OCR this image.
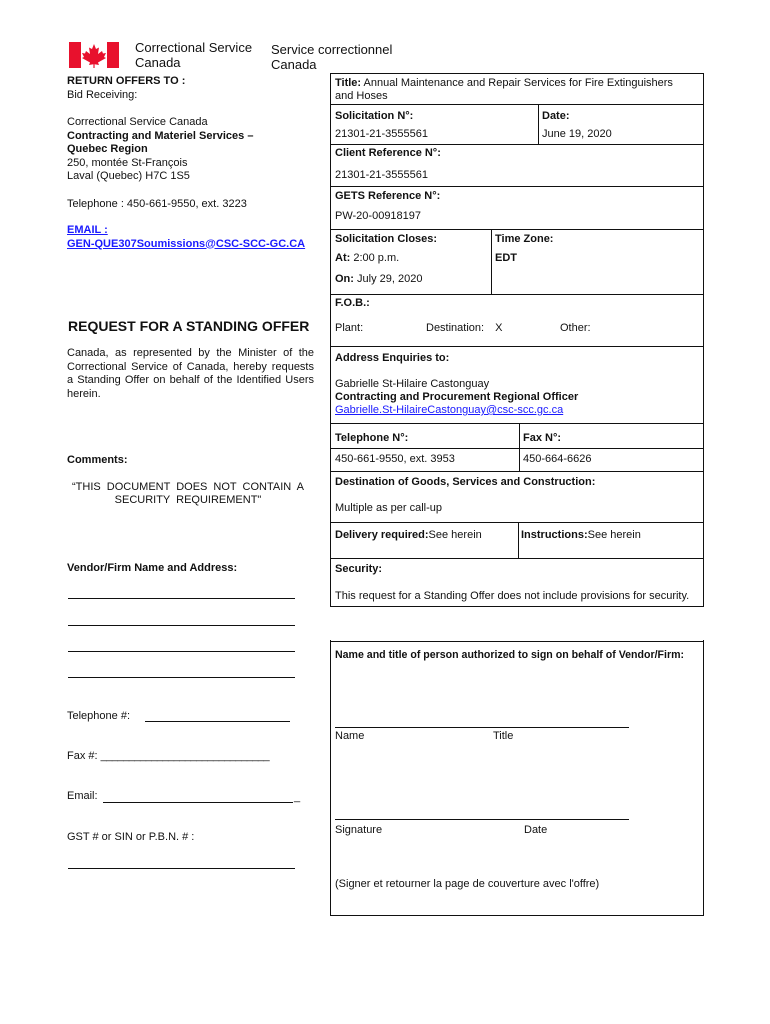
Correctional Service
Canada
Service correctionnel
Canada
RETURN OFFERS TO :
Bid Receiving:
Correctional Service Canada
Contracting and Materiel Services –
Quebec Region
250, montée St-François
Laval (Quebec) H7C 1S5
Telephone : 450-661-9550, ext. 3223
EMAIL :
GEN-QUE307Soumissions@CSC-SCC-GC.CA
REQUEST FOR A STANDING OFFER
Canada, as represented by the Minister of the Correctional Service of Canada, hereby requests a Standing Offer on behalf of the Identified Users herein.
Comments:
“THIS DOCUMENT DOES NOT CONTAIN A
SECURITY REQUIREMENT"
Vendor/Firm Name and Address:
Telephone #:
Fax #: ______________________________
Email:	_
GST # or SIN or P.B.N. # :
Title: Annual Maintenance and Repair Services for Fire Extinguishers
and Hoses
Solicitation N°:
21301-21-3555561
Date:
June 19, 2020
Client Reference N°:
21301-21-3555561
GETS Reference N°:
PW-20-00918197
Solicitation Closes:
At: 2:00 p.m.
On: July 29, 2020
Time Zone:
EDT
F.O.B.:
Plant:	Destination: X	Other:
Address Enquiries to:
Gabrielle St-Hilaire Castonguay
Contracting and Procurement Regional Officer
Gabrielle.St-HilaireCastonguay@csc-scc.gc.ca
Telephone N°:	Fax N°:
450-661-9550, ext. 3953	450-664-6626
Destination of Goods, Services and Construction:
Multiple as per call-up
Delivery required:See herein	Instructions:See herein
Security:
This request for a Standing Offer does not include provisions for security.
Name and title of person authorized to sign on behalf of Vendor/Firm:
Name	Title
Signature	Date
(Signer et retourner la page de couverture avec l'offre)
